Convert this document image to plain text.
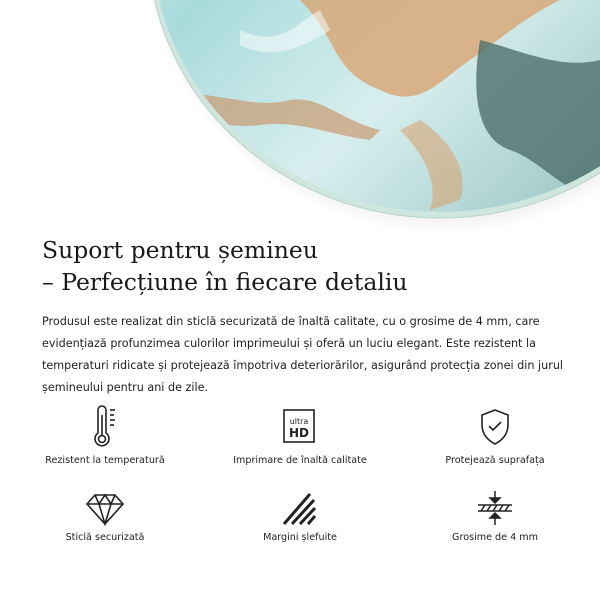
Suport pentru șemineu
– Perfecțiune în fiecare detaliu

Produsul este realizat din sticlă securizată de înaltă calitate, cu o grosime de 4 mm, care evidențiază profunzimea culorilor imprimeului și oferă un luciu elegant. Este rezistent la temperaturi ridicate și protejează împotriva deteriorărilor, asigurând protecția zonei din jurul șemineului pentru ani de zile.

Rezistent la temperatură
ultra
HD
Imprimare de înaltă calitate	Protejează suprafața
Sticlă securizată	Margini șlefuite	Grosime de 4 mm
